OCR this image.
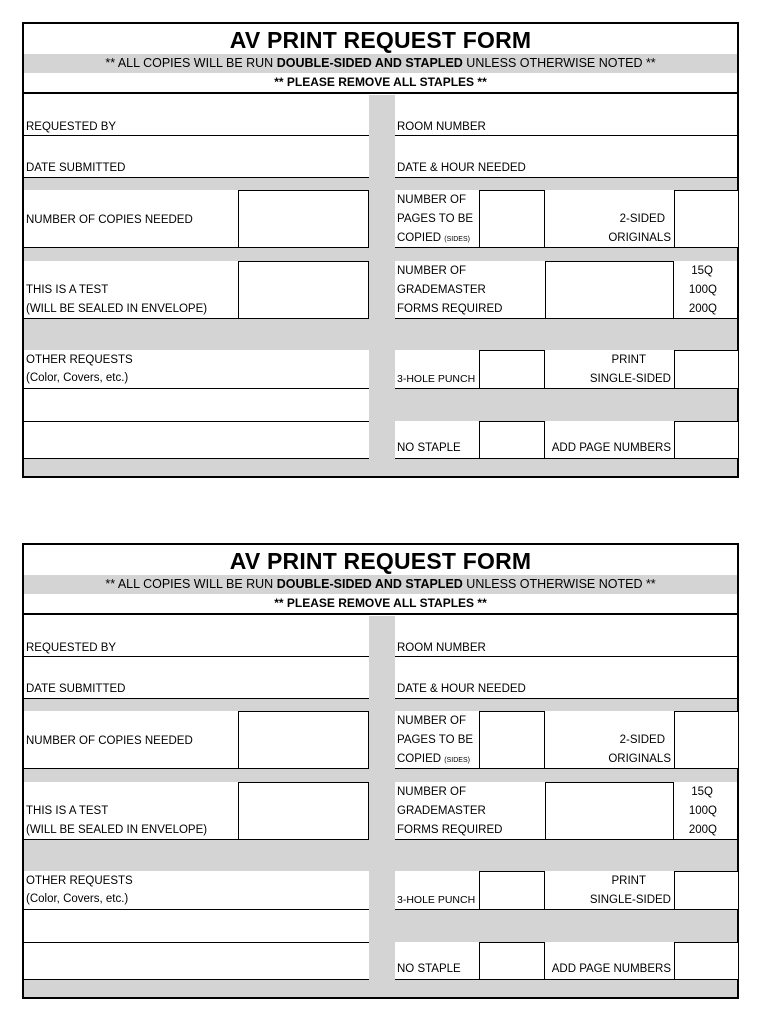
AV PRINT REQUEST FORM
** ALL COPIES WILL BE RUN DOUBLE-SIDED AND STAPLED UNLESS OTHERWISE NOTED **
** PLEASE REMOVE ALL STAPLES **
REQUESTED BY
DATE SUBMITTED
NUMBER OF COPIES NEEDED
THIS IS A TEST
(WILL BE SEALED IN ENVELOPE)
OTHER REQUESTS
(Color, Covers, etc.)
ROOM NUMBER
DATE & HOUR NEEDED
NUMBER OF
PAGES TO BE
COPIED (SIDES)
2-SIDED
ORIGINALS
NUMBER OF
GRADEMASTER
FORMS REQUIRED
15Q
100Q
200Q
3-HOLE PUNCH
PRINT
SINGLE-SIDED
NO STAPLE	ADD PAGE NUMBERS
AV PRINT REQUEST FORM
** ALL COPIES WILL BE RUN DOUBLE-SIDED AND STAPLED UNLESS OTHERWISE NOTED **
** PLEASE REMOVE ALL STAPLES **
REQUESTED BY
DATE SUBMITTED
NUMBER OF COPIES NEEDED
THIS IS A TEST
(WILL BE SEALED IN ENVELOPE)
OTHER REQUESTS
(Color, Covers, etc.)
ROOM NUMBER
DATE & HOUR NEEDED
NUMBER OF
PAGES TO BE
COPIED (SIDES)
2-SIDED
ORIGINALS
NUMBER OF
GRADEMASTER
FORMS REQUIRED
15Q
100Q
200Q
3-HOLE PUNCH
PRINT
SINGLE-SIDED
NO STAPLE	ADD PAGE NUMBERS
